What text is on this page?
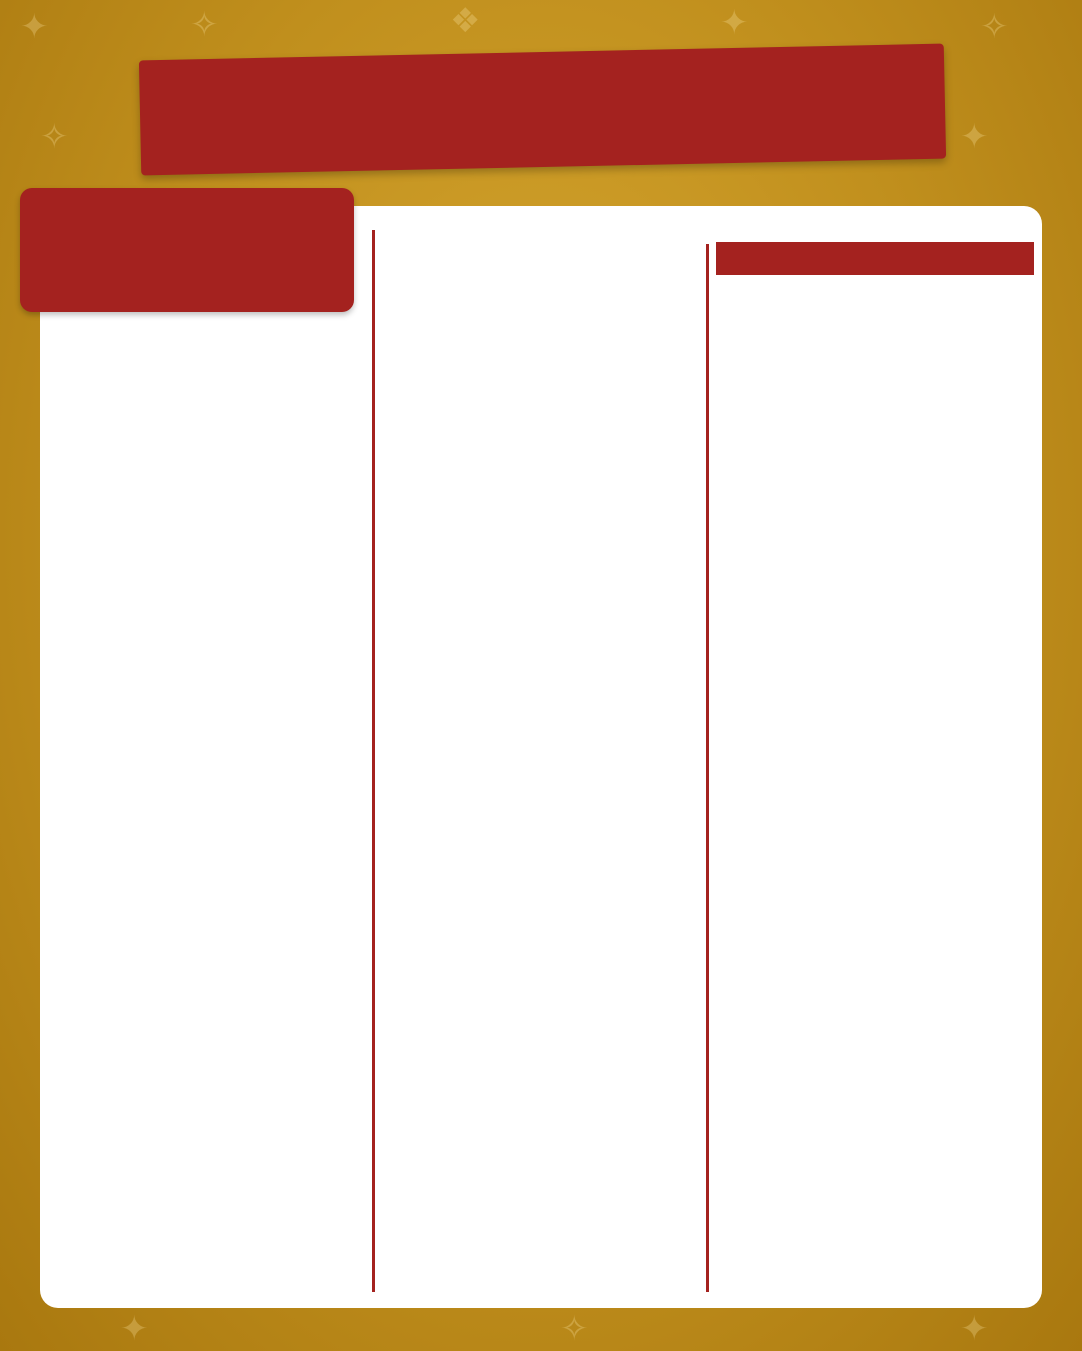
✦	✧	❖	✦	✧
✦
✧
✦	✧	✦
